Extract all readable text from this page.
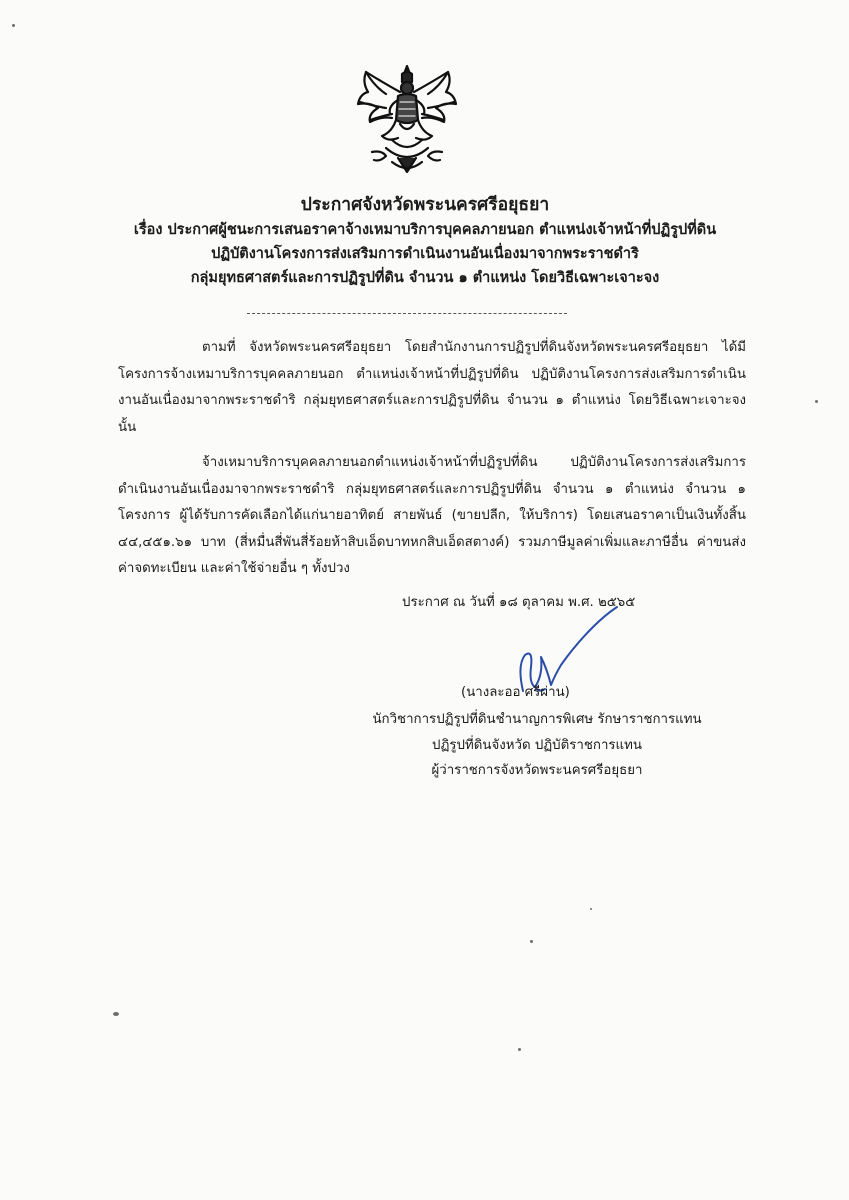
ประกาศจังหวัดพระนครศรีอยุธยา
เรื่อง ประกาศผู้ชนะการเสนอราคาจ้างเหมาบริการบุคคลภายนอก ตำแหน่งเจ้าหน้าที่ปฏิรูปที่ดิน
ปฏิบัติงานโครงการส่งเสริมการดำเนินงานอันเนื่องมาจากพระราชดำริ
กลุ่มยุทธศาสตร์และการปฏิรูปที่ดิน จำนวน ๑ ตำแหน่ง โดยวิธีเฉพาะเจาะจง
ตามที่ จังหวัดพระนครศรีอยุธยา โดยสำนักงานการปฏิรูปที่ดินจังหวัดพระนครศรีอยุธยา ได้มีโครงการจ้างเหมาบริการบุคคลภายนอก ตำแหน่งเจ้าหน้าที่ปฏิรูปที่ดิน ปฏิบัติงานโครงการส่งเสริมการดำเนินงานอันเนื่องมาจากพระราชดำริ กลุ่มยุทธศาสตร์และการปฏิรูปที่ดิน จำนวน ๑ ตำแหน่ง โดยวิธีเฉพาะเจาะจง นั้น
จ้างเหมาบริการบุคคลภายนอกตำแหน่งเจ้าหน้าที่ปฏิรูปที่ดิน ปฏิบัติงานโครงการส่งเสริมการดำเนินงานอันเนื่องมาจากพระราชดำริ กลุ่มยุทธศาสตร์และการปฏิรูปที่ดิน จำนวน ๑ ตำแหน่ง จำนวน ๑ โครงการ ผู้ได้รับการคัดเลือกได้แก่นายอาทิตย์ สายพันธ์ (ขายปลีก, ให้บริการ) โดยเสนอราคาเป็นเงินทั้งสิ้น ๔๔,๔๕๑.๖๑ บาท (สี่หมื่นสี่พันสี่ร้อยห้าสิบเอ็ดบาทหกสิบเอ็ดสตางค์) รวมภาษีมูลค่าเพิ่มและภาษีอื่น ค่าขนส่ง ค่าจดทะเบียน และค่าใช้จ่ายอื่น ๆ ทั้งปวง
ประกาศ ณ วันที่ ๑๘ ตุลาคม พ.ศ. ๒๕๖๕
(นางละออ ศรีผ่าน)
นักวิชาการปฏิรูปที่ดินชำนาญการพิเศษ รักษาราชการแทน
ปฏิรูปที่ดินจังหวัด ปฏิบัติราชการแทน
ผู้ว่าราชการจังหวัดพระนครศรีอยุธยา
